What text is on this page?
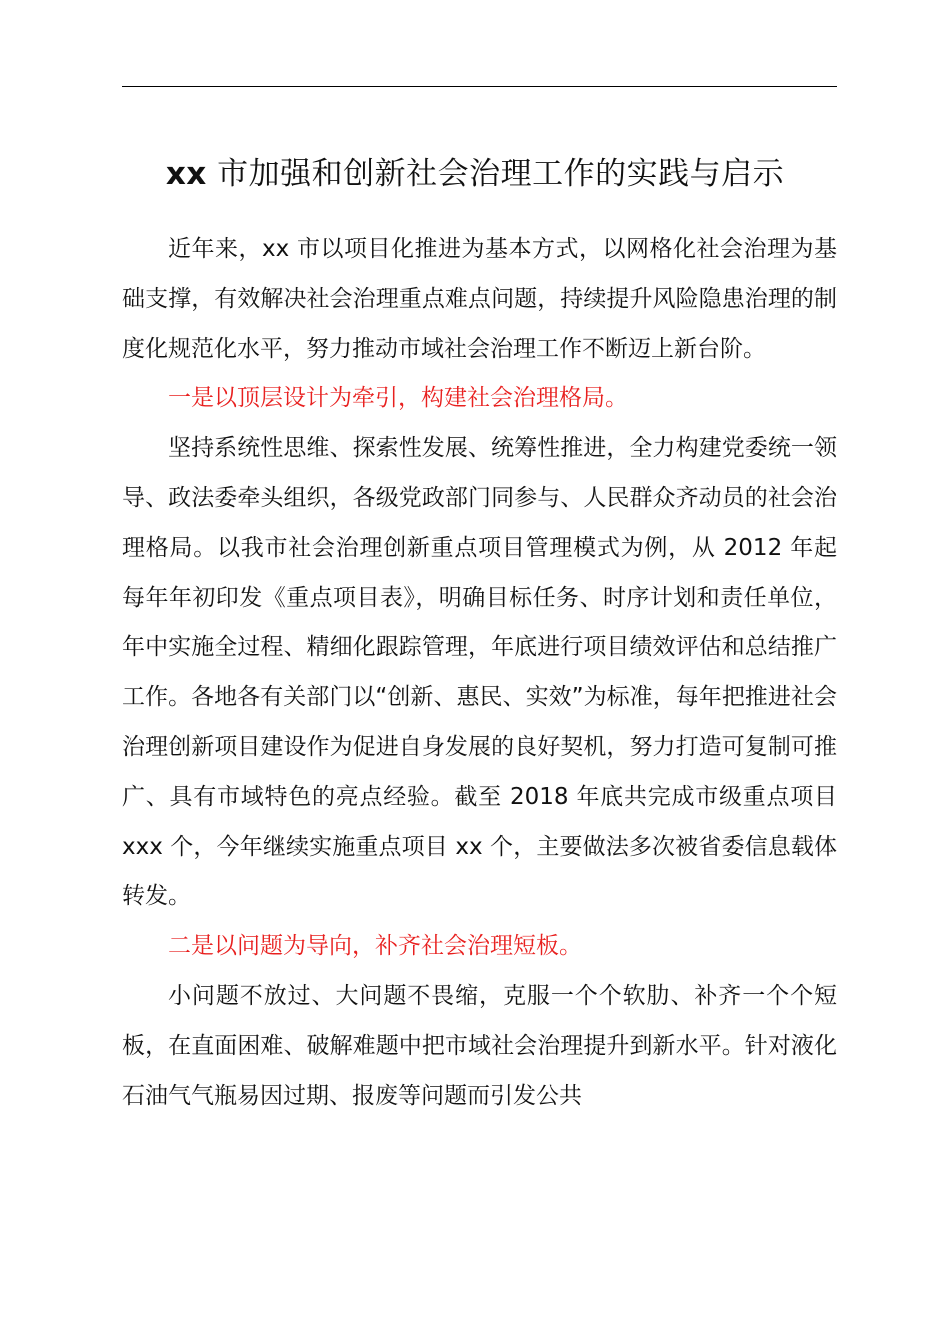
xx 市加强和创新社会治理工作的实践与启示

近年来，xx 市以项目化推进为基本方式，以网格化社会治理为基础支撑，有效解决社会治理重点难点问题，持续提升风险隐患治理的制度化规范化水平，努力推动市域社会治理工作不断迈上新台阶。

一是以顶层设计为牵引，构建社会治理格局。

坚持系统性思维、探索性发展、统筹性推进，全力构建党委统一领导、政法委牵头组织，各级党政部门同参与、人民群众齐动员的社会治理格局。以我市社会治理创新重点项目管理模式为例，从 2012 年起每年年初印发《重点项目表》，明确目标任务、时序计划和责任单位，年中实施全过程、精细化跟踪管理，年底进行项目绩效评估和总结推广工作。各地各有关部门以“创新、惠民、实效”为标准，每年把推进社会治理创新项目建设作为促进自身发展的良好契机，努力打造可复制可推广、具有市域特色的亮点经验。截至 2018 年底共完成市级重点项目 xxx 个，今年继续实施重点项目 xx 个，主要做法多次被省委信息载体转发。

二是以问题为导向，补齐社会治理短板。

小问题不放过、大问题不畏缩，克服一个个软肋、补齐一个个短板，在直面困难、破解难题中把市域社会治理提升到新水平。针对液化石油气气瓶易因过期、报废等问题而引发公共
